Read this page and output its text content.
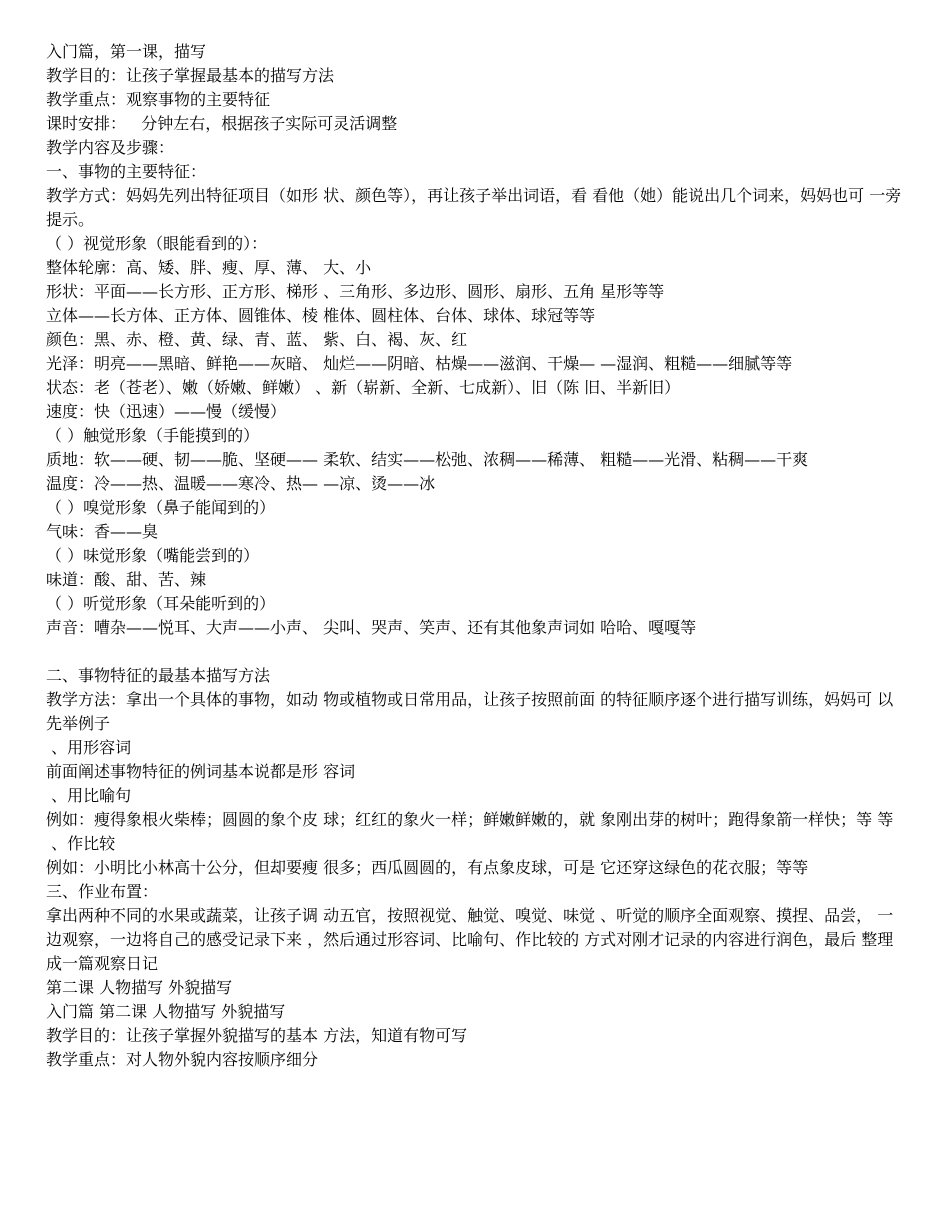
入门篇，第一课，描写

教学目的：让孩子掌握最基本的描写方法

教学重点：观察事物的主要特征

课时安排：   分钟左右，根据孩子实际可灵活调整

教学内容及步骤：

一、事物的主要特征：

教学方式：妈妈先列出特征项目（如形 状、颜色等），再让孩子举出词语，看 看他（她）能说出几个词来，妈妈也可 一旁提示。

（ ）视觉形象（眼能看到的）：

整体轮廓：高、矮、胖、瘦、厚、薄、 大、小

形状：平面——长方形、正方形、梯形 、三角形、多边形、圆形、扇形、五角 星形等等

立体——长方体、正方体、圆锥体、棱 椎体、圆柱体、台体、球体、球冠等等

颜色：黑、赤、橙、黄、绿、青、蓝、 紫、白、褐、灰、红

光泽：明亮——黑暗、鲜艳——灰暗、 灿烂——阴暗、枯燥——滋润、干燥— —湿润、粗糙——细腻等等

状态：老（苍老）、嫩（娇嫩、鲜嫩） 、新（崭新、全新、七成新）、旧（陈 旧、半新旧）

速度：快（迅速）——慢（缓慢）

（ ）触觉形象（手能摸到的）

质地：软——硬、韧——脆、坚硬—— 柔软、结实——松弛、浓稠——稀薄、 粗糙——光滑、粘稠——干爽

温度：冷——热、温暖——寒冷、热— —凉、烫——冰

（ ）嗅觉形象（鼻子能闻到的）

气味：香——臭

（ ）味觉形象（嘴能尝到的）

味道：酸、甜、苦、辣

（ ）听觉形象（耳朵能听到的）

声音：嘈杂——悦耳、大声——小声、 尖叫、哭声、笑声、还有其他象声词如 哈哈、嘎嘎等

二、事物特征的最基本描写方法

教学方法：拿出一个具体的事物，如动 物或植物或日常用品，让孩子按照前面 的特征顺序逐个进行描写训练，妈妈可 以先举例子

、用形容词

前面阐述事物特征的例词基本说都是形 容词

、用比喻句

例如：瘦得象根火柴棒；圆圆的象个皮 球；红红的象火一样；鲜嫩鲜嫩的，就 象刚出芽的树叶；跑得象箭一样快；等 等

、作比较

例如：小明比小林高十公分，但却要瘦 很多；西瓜圆圆的，有点象皮球，可是 它还穿这绿色的花衣服；等等

三、作业布置：

拿出两种不同的水果或蔬菜，让孩子调 动五官，按照视觉、触觉、嗅觉、味觉 、听觉的顺序全面观察、摸捏、品尝， 一边观察，一边将自己的感受记录下来 ，然后通过形容词、比喻句、作比较的 方式对刚才记录的内容进行润色，最后 整理成一篇观察日记

第二课 人物描写 外貌描写

入门篇 第二课 人物描写 外貌描写

教学目的：让孩子掌握外貌描写的基本 方法，知道有物可写

教学重点：对人物外貌内容按顺序细分
